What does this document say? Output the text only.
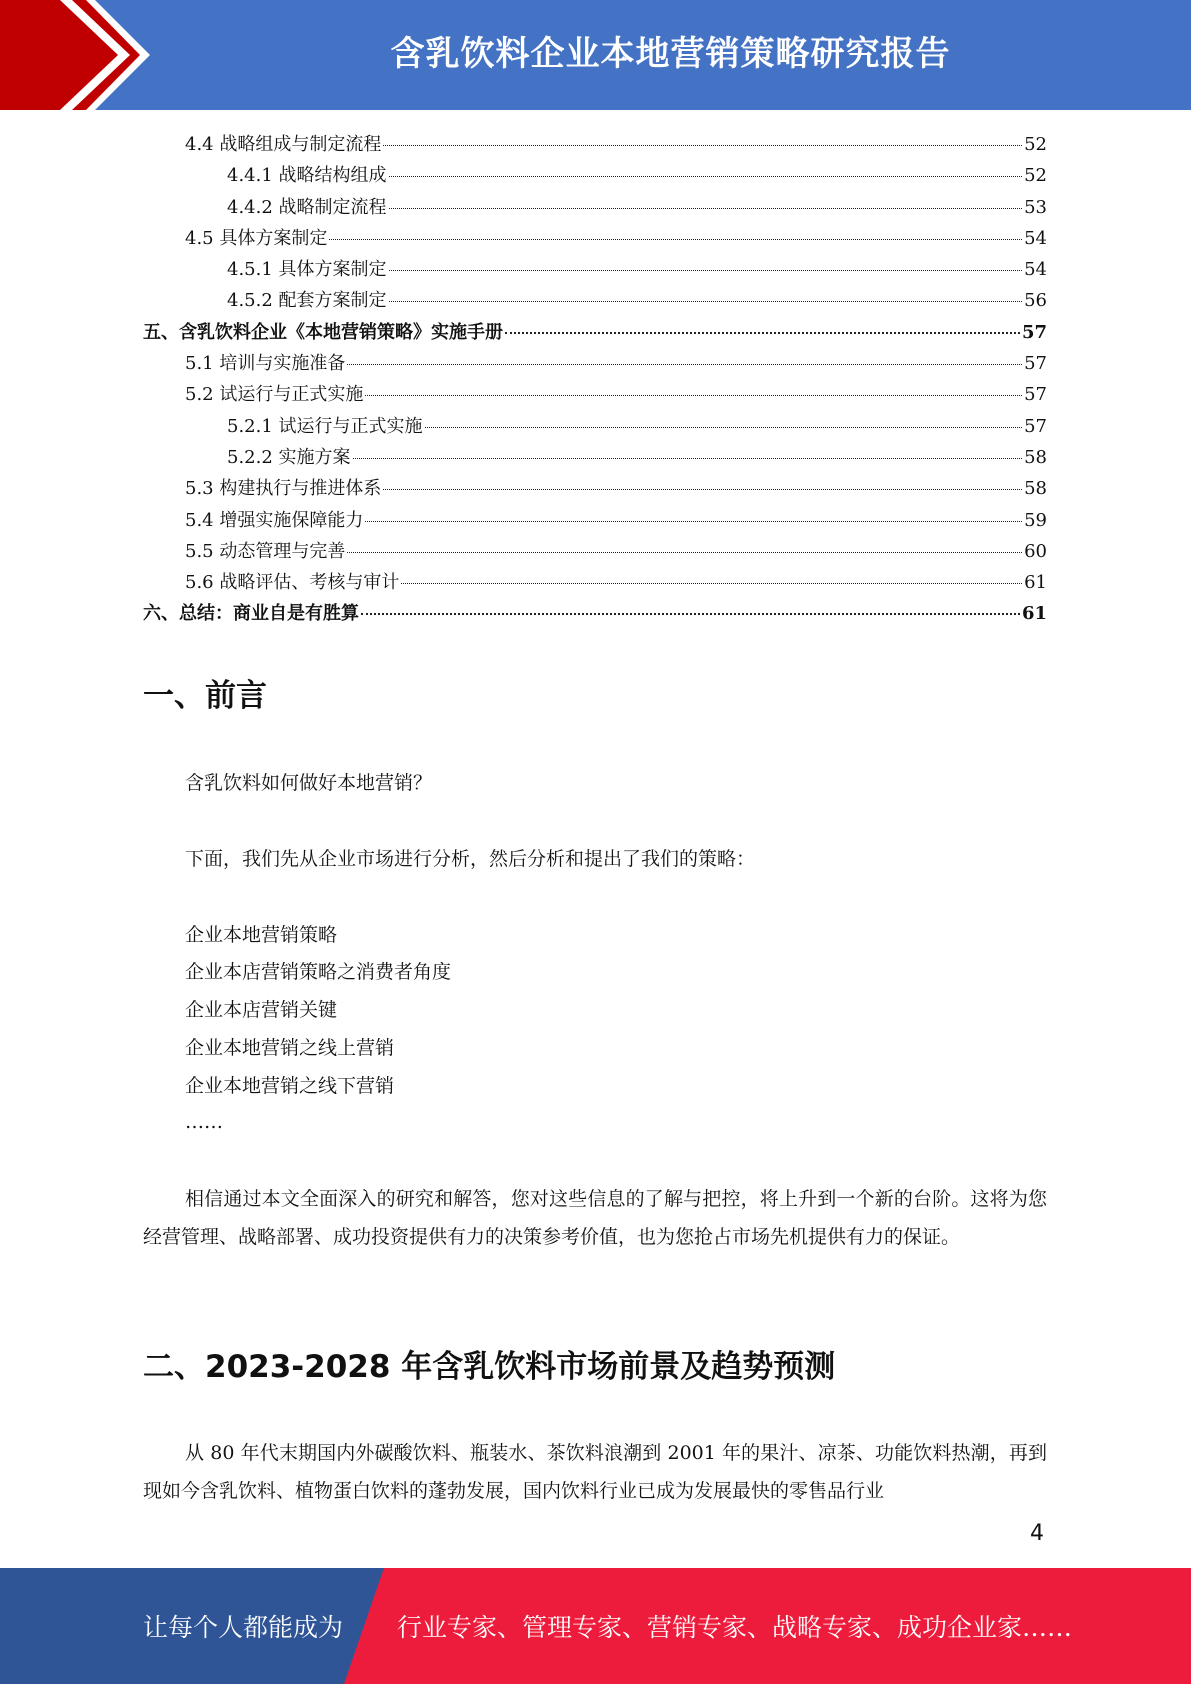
含乳饮料企业本地营销策略研究报告
4.4 战略组成与制定流程	52
4.4.1 战略结构组成	52
4.4.2 战略制定流程	53
4.5 具体方案制定	54
4.5.1 具体方案制定	54
4.5.2 配套方案制定	56
五、含乳饮料企业《本地营销策略》实施手册	57
5.1 培训与实施准备	57
5.2 试运行与正式实施	57
5.2.1 试运行与正式实施	57
5.2.2 实施方案	58
5.3 构建执行与推进体系	58
5.4 增强实施保障能力	59
5.5 动态管理与完善	60
5.6 战略评估、考核与审计	61
六、总结：商业自是有胜算	61
一、前言
含乳饮料如何做好本地营销？
下面，我们先从企业市场进行分析，然后分析和提出了我们的策略：
企业本地营销策略
企业本店营销策略之消费者角度
企业本店营销关键
企业本地营销之线上营销
企业本地营销之线下营销
……
相信通过本文全面深入的研究和解答，您对这些信息的了解与把控，将上升到一个新的台阶。这将为您经营管理、战略部署、成功投资提供有力的决策参考价值，也为您抢占市场先机提供有力的保证。
二、2023-2028 年含乳饮料市场前景及趋势预测
从 80 年代末期国内外碳酸饮料、瓶装水、茶饮料浪潮到 2001 年的果汁、凉茶、功能饮料热潮，再到现如今含乳饮料、植物蛋白饮料的蓬勃发展，国内饮料行业已成为发展最快的零售品行业
4
让每个人都能成为 行业专家、管理专家、营销专家、战略专家、成功企业家……
